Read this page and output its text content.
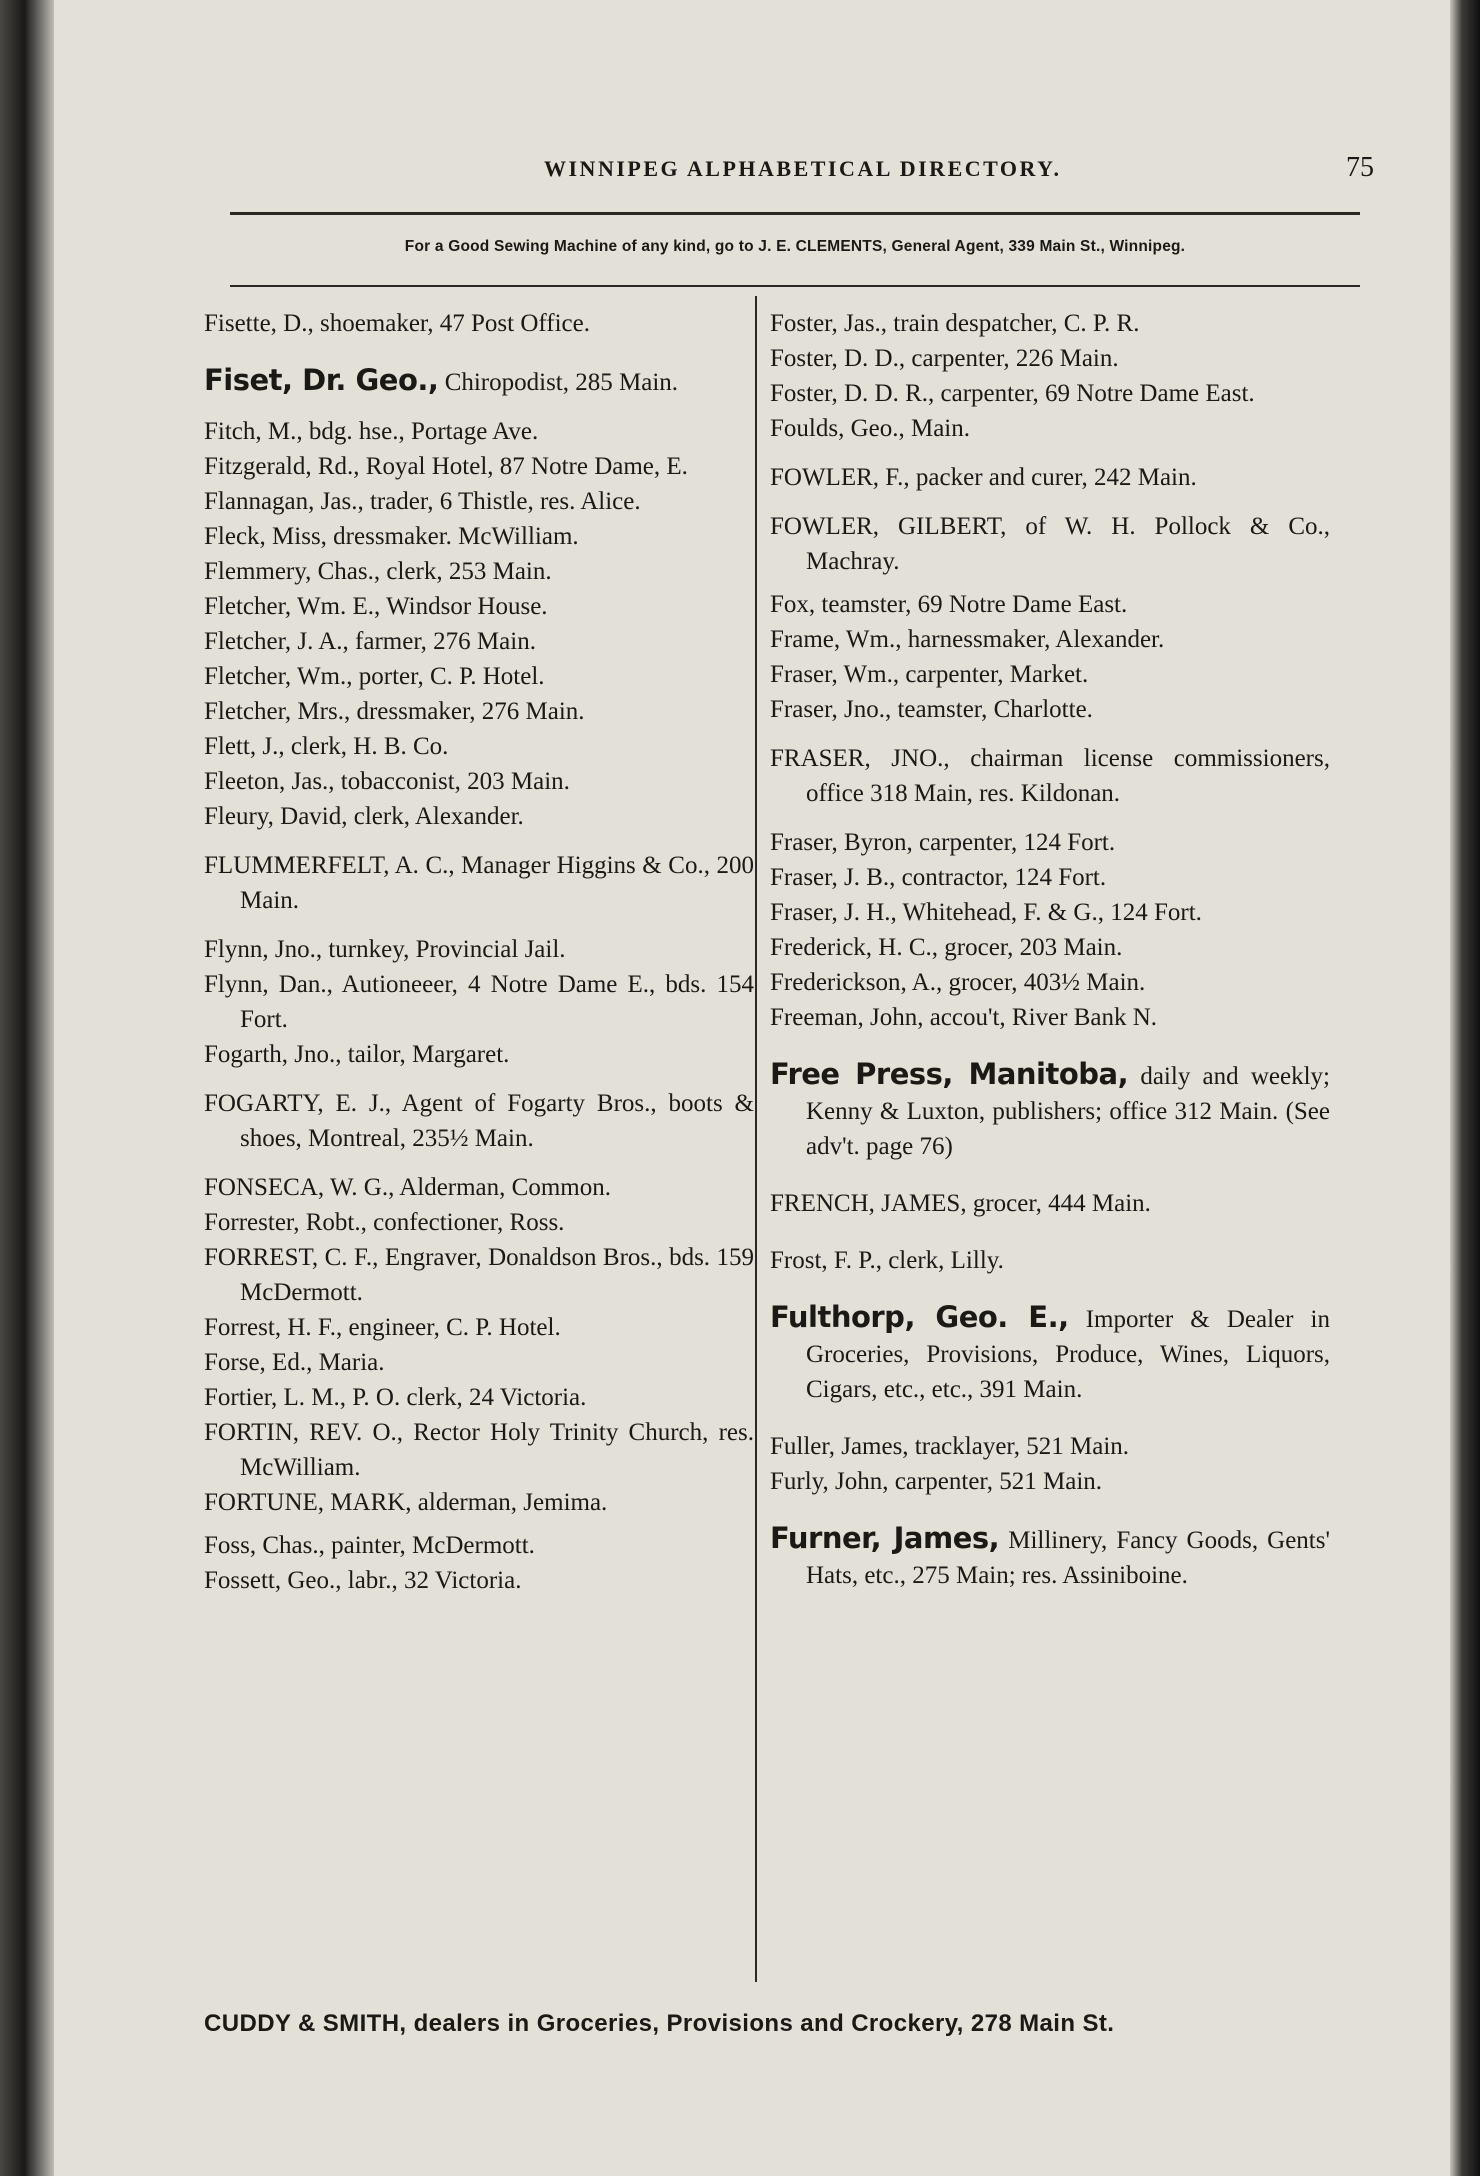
WINNIPEG ALPHABETICAL DIRECTORY.	75
For a Good Sewing Machine of any kind, go to J. E. CLEMENTS, General Agent, 339 Main St., Winnipeg.

Fisette, D., shoemaker, 47 Post Office.

Fiset, Dr. Geo., Chiropodist, 285 Main.

Fitch, M., bdg. hse., Portage Ave.

Fitzgerald, Rd., Royal Hotel, 87 Notre Dame, E.

Flannagan, Jas., trader, 6 Thistle, res. Alice.

Fleck, Miss, dressmaker. McWilliam.

Flemmery, Chas., clerk, 253 Main.

Fletcher, Wm. E., Windsor House.

Fletcher, J. A., farmer, 276 Main.

Fletcher, Wm., porter, C. P. Hotel.

Fletcher, Mrs., dressmaker, 276 Main.

Flett, J., clerk, H. B. Co.

Fleeton, Jas., tobacconist, 203 Main.

Fleury, David, clerk, Alexander.

FLUMMERFELT, A. C., Manager Higgins & Co., 200 Main.

Flynn, Jno., turnkey, Provincial Jail.

Flynn, Dan., Autioneeer, 4 Notre Dame E., bds. 154 Fort.

Fogarth, Jno., tailor, Margaret.

FOGARTY, E. J., Agent of Fogarty Bros., boots & shoes, Montreal, 235½ Main.

FONSECA, W. G., Alderman, Common.

Forrester, Robt., confectioner, Ross.

FORREST, C. F., Engraver, Donaldson Bros., bds. 159 McDermott.

Forrest, H. F., engineer, C. P. Hotel.

Forse, Ed., Maria.

Fortier, L. M., P. O. clerk, 24 Victoria.

FORTIN, REV. O., Rector Holy Trinity Church, res. McWilliam.

FORTUNE, MARK, alderman, Jemima.

Foss, Chas., painter, McDermott.

Fossett, Geo., labr., 32 Victoria.

Foster, Jas., train despatcher, C. P. R.

Foster, D. D., carpenter, 226 Main.

Foster, D. D. R., carpenter, 69 Notre Dame East.

Foulds, Geo., Main.

FOWLER, F., packer and curer, 242 Main.

FOWLER, GILBERT, of W. H. Pollock & Co., Machray.

Fox, teamster, 69 Notre Dame East.

Frame, Wm., harnessmaker, Alexander.

Fraser, Wm., carpenter, Market.

Fraser, Jno., teamster, Charlotte.

FRASER, JNO., chairman license commissioners, office 318 Main, res. Kildonan.

Fraser, Byron, carpenter, 124 Fort.

Fraser, J. B., contractor, 124 Fort.

Fraser, J. H., Whitehead, F. & G., 124 Fort.

Frederick, H. C., grocer, 203 Main.

Frederickson, A., grocer, 403½ Main.

Freeman, John, accou't, River Bank N.

Free Press, Manitoba, daily and weekly; Kenny & Luxton, publishers; office 312 Main. (See adv't. page 76)

FRENCH, JAMES, grocer, 444 Main.

Frost, F. P., clerk, Lilly.

Fulthorp, Geo. E., Importer & Dealer in Groceries, Provisions, Produce, Wines, Liquors, Cigars, etc., etc., 391 Main.

Fuller, James, tracklayer, 521 Main.

Furly, John, carpenter, 521 Main.

Furner, James, Millinery, Fancy Goods, Gents' Hats, etc., 275 Main; res. Assiniboine.

CUDDY & SMITH, dealers in Groceries, Provisions and Crockery, 278 Main St.
